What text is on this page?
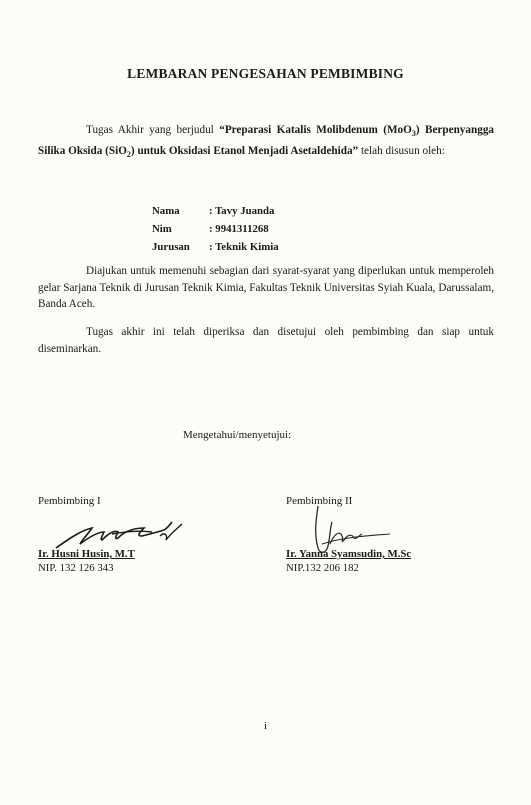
LEMBARAN PENGESAHAN PEMBIMBING
Tugas Akhir yang berjudul “Preparasi Katalis Molibdenum (MoO$_3$) Berpenyangga Silika Oksida (SiO$_2$) untuk Oksidasi Etanol Menjadi Asetaldehida” telah disusun oleh:
Nama	: Tavy Juanda
Nim	: 9941311268
Jurusan	: Teknik Kimia
Diajukan untuk memenuhi sebagian dari syarat-syarat yang diperlukan untuk memperoleh gelar Sarjana Teknik di Jurusan Teknik Kimia, Fakultas Teknik Universitas Syiah Kuala, Darussalam, Banda Aceh.
Tugas akhir ini telah diperiksa dan disetujui oleh pembimbing dan siap untuk diseminarkan.
Mengetahui/menyetujui:
Pembimbing I	Pembimbing II
Ir. Husni Husin, M.T	Ir. Yanna Syamsudin, M.Sc
NIP. 132 126 343	NIP.132 206 182
i
